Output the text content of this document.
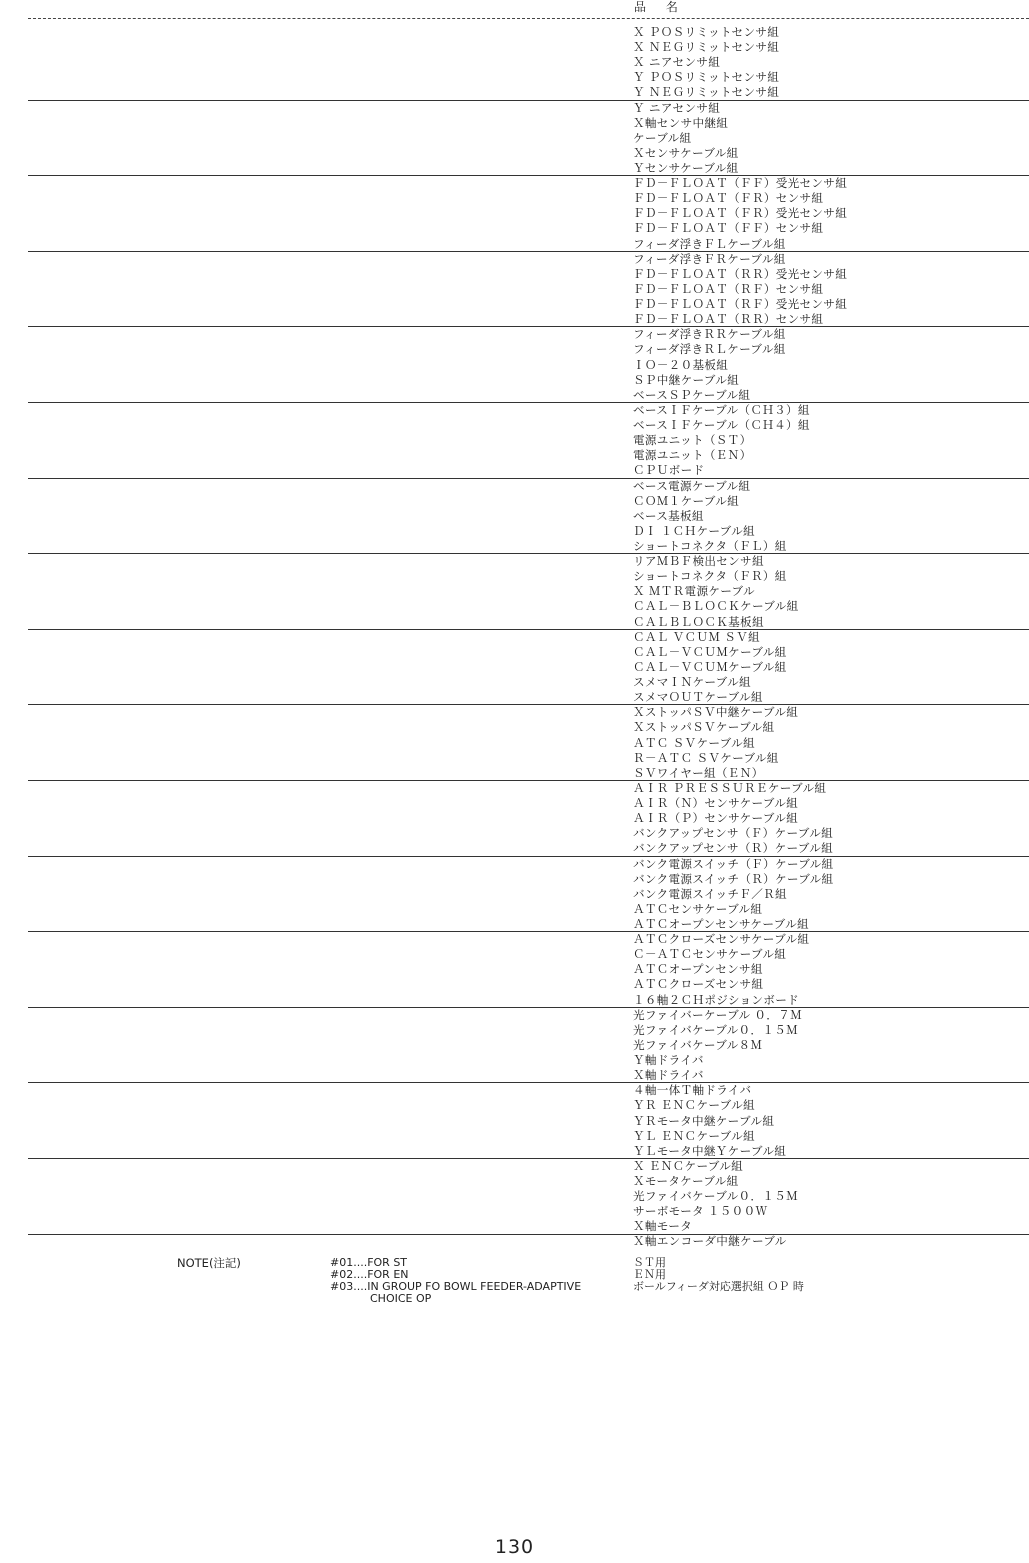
品 名
Ｘ ＰＯＳリミットセンサ組
Ｘ ＮＥＧリミットセンサ組
Ｘ ニアセンサ組
Ｙ ＰＯＳリミットセンサ組
Ｙ ＮＥＧリミットセンサ組
Ｙ ニアセンサ組
Ｘ軸センサ中継組
ケーブル組
Ｘセンサケーブル組
Ｙセンサケーブル組
ＦＤ－ＦＬＯＡＴ（ＦＦ）受光センサ組
ＦＤ－ＦＬＯＡＴ（ＦＲ）センサ組
ＦＤ－ＦＬＯＡＴ（ＦＲ）受光センサ組
ＦＤ－ＦＬＯＡＴ（ＦＦ）センサ組
フィーダ浮きＦＬケーブル組
フィーダ浮きＦＲケーブル組
ＦＤ－ＦＬＯＡＴ（ＲＲ）受光センサ組
ＦＤ－ＦＬＯＡＴ（ＲＦ）センサ組
ＦＤ－ＦＬＯＡＴ（ＲＦ）受光センサ組
ＦＤ－ＦＬＯＡＴ（ＲＲ）センサ組
フィーダ浮きＲＲケーブル組
フィーダ浮きＲＬケーブル組
ＩＯ－２０基板組
ＳＰ中継ケーブル組
ベースＳＰケーブル組
ベースＩＦケーブル（ＣＨ３）組
ベースＩＦケーブル（ＣＨ４）組
電源ユニット（ＳＴ）
電源ユニット（ＥＮ）
ＣＰＵボード
ベース電源ケーブル組
ＣＯＭ１ケーブル組
ベース基板組
ＤＩ １ＣＨケーブル組
ショートコネクタ（ＦＬ）組
リアＭＢＦ検出センサ組
ショートコネクタ（ＦＲ）組
Ｘ ＭＴＲ電源ケーブル
ＣＡＬ－ＢＬＯＣＫケーブル組
ＣＡＬＢＬＯＣＫ基板組
ＣＡＬ ＶＣＵＭ ＳＶ組
ＣＡＬ－ＶＣＵＭケーブル組
ＣＡＬ－ＶＣＵＭケーブル組
スメマＩＮケーブル組
スメマＯＵＴケーブル組
ＸストッパＳＶ中継ケーブル組
ＸストッパＳＶケーブル組
ＡＴＣ ＳＶケーブル組
Ｒ－ＡＴＣ ＳＶケーブル組
ＳＶワイヤー組（ＥＮ）
ＡＩＲ ＰＲＥＳＳＵＲＥケーブル組
ＡＩＲ（Ｎ）センサケーブル組
ＡＩＲ（Ｐ）センサケーブル組
バンクアップセンサ（Ｆ）ケーブル組
バンクアップセンサ（Ｒ）ケーブル組
バンク電源スイッチ（Ｆ）ケーブル組
バンク電源スイッチ（Ｒ）ケーブル組
バンク電源スイッチＦ／Ｒ組
ＡＴＣセンサケーブル組
ＡＴＣオープンセンサケーブル組
ＡＴＣクローズセンサケーブル組
Ｃ－ＡＴＣセンサケーブル組
ＡＴＣオープンセンサ組
ＡＴＣクローズセンサ組
１６軸２ＣＨポジションボード
光ファイバーケーブル ０．７Ｍ
光ファイバケーブル０．１５Ｍ
光ファイバケーブル８Ｍ
Ｙ軸ドライバ
Ｘ軸ドライバ
４軸一体Ｔ軸ドライバ
ＹＲ ＥＮＣケーブル組
ＹＲモータ中継ケーブル組
ＹＬ ＥＮＣケーブル組
ＹＬモータ中継Ｙケーブル組
Ｘ ＥＮＣケーブル組
Ｘモータケーブル組
光ファイバケーブル０．１５Ｍ
サーボモータ １５００Ｗ
Ｘ軸モータ
Ｘ軸エンコーダ中継ケーブル
NOTE(注記)	#01....FOR ST	ＳＴ用
#02....FOR EN	ＥＮ用
#03....IN GROUP FO BOWL FEEDER-ADAPTIVE	ボールフィーダ対応選択組 ＯＰ 時
CHOICE OP
130
